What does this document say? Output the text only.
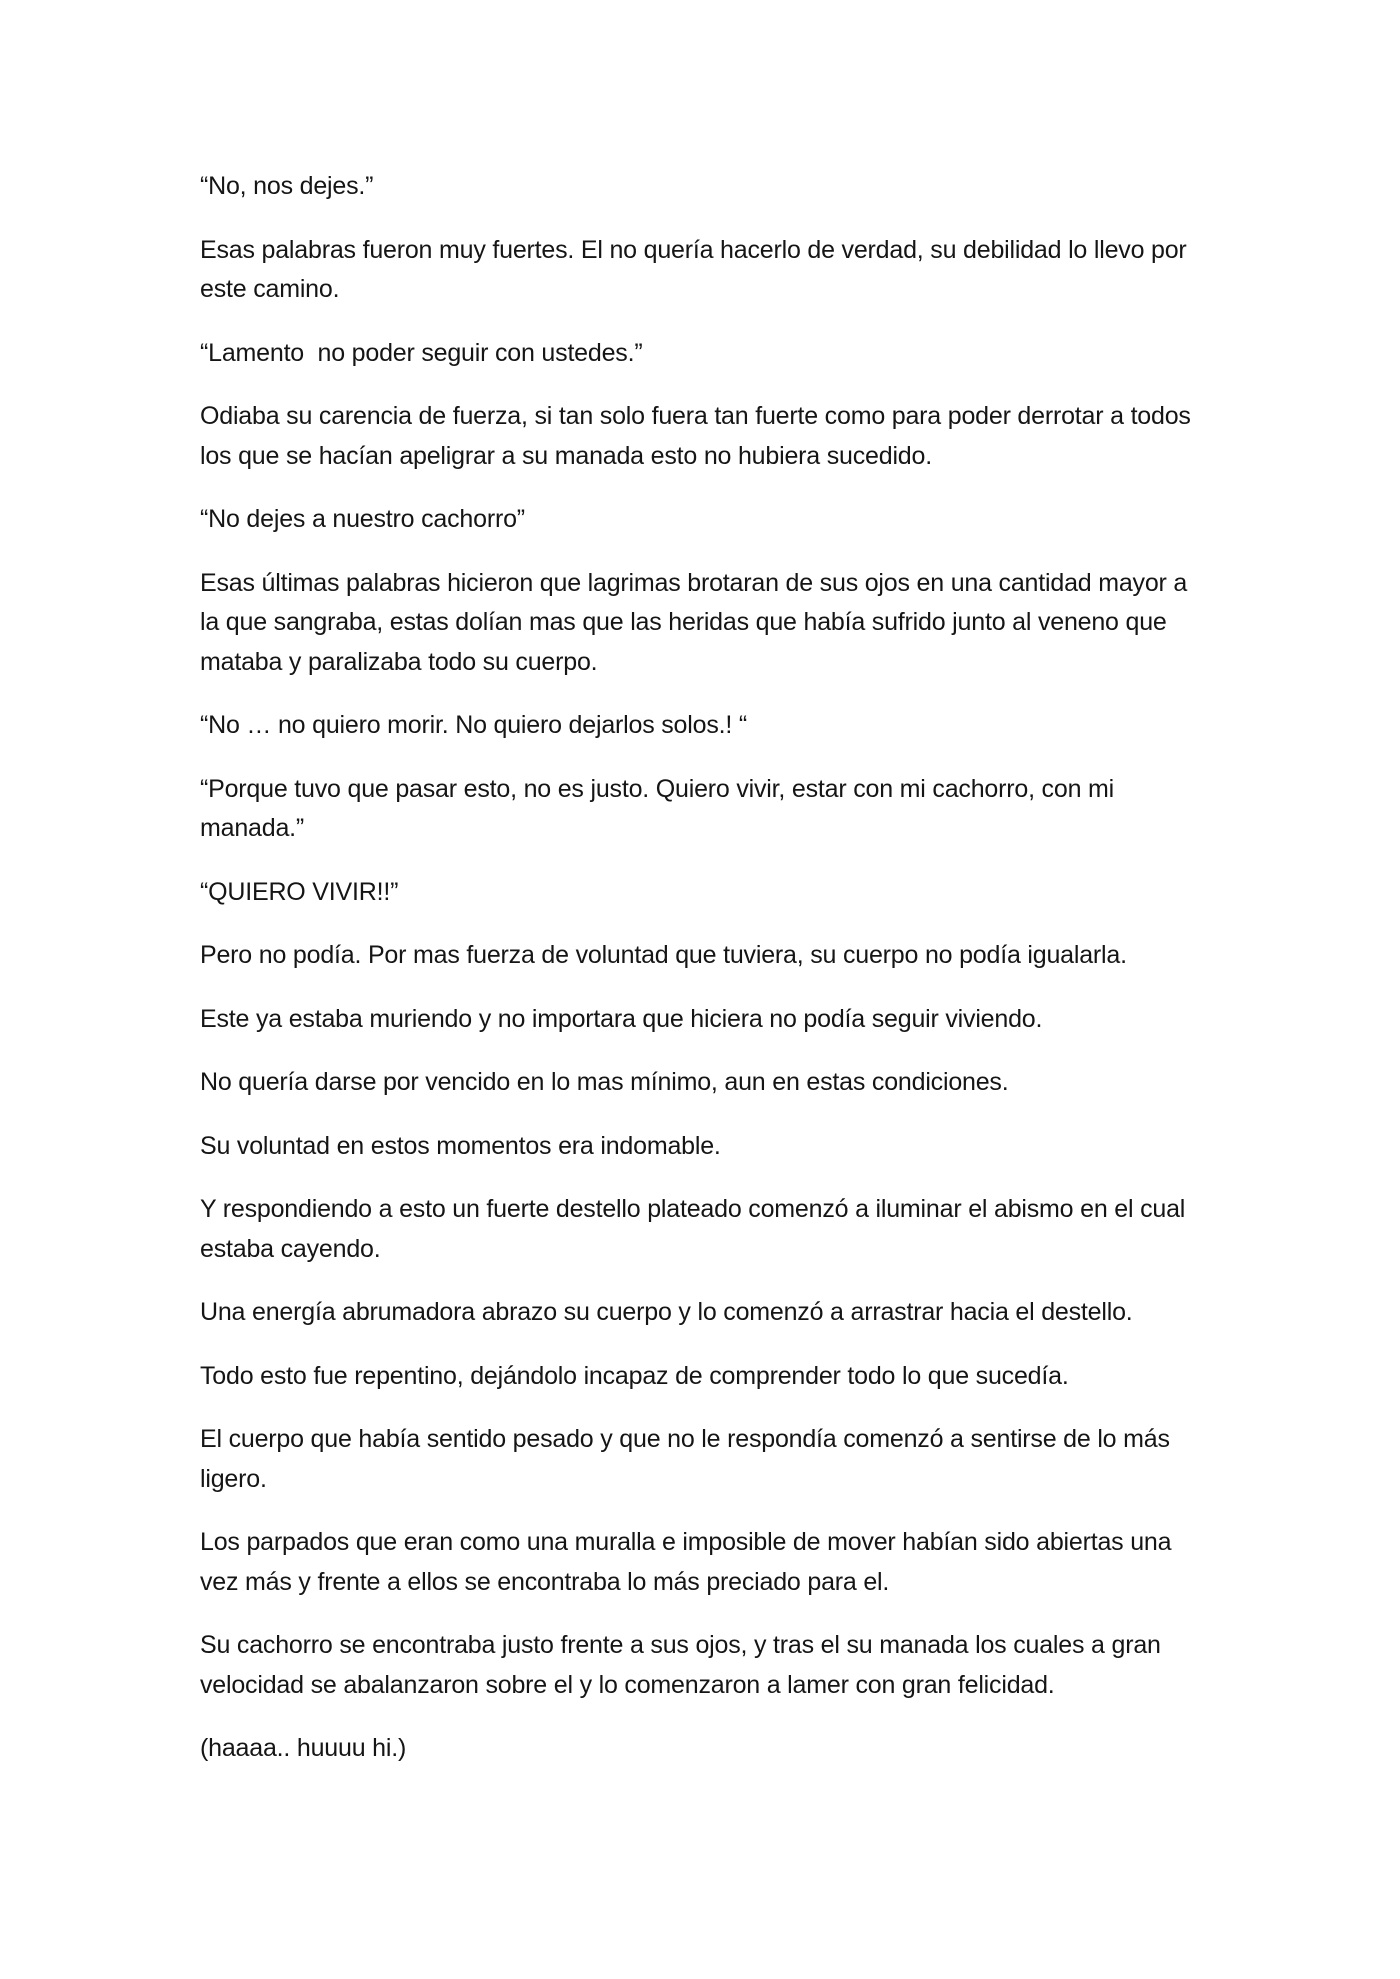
“No, nos dejes.”

Esas palabras fueron muy fuertes. El no quería hacerlo de verdad, su debilidad lo llevo por este camino.

“Lamento  no poder seguir con ustedes.”

Odiaba su carencia de fuerza, si tan solo fuera tan fuerte como para poder derrotar a todos los que se hacían apeligrar a su manada esto no hubiera sucedido.

“No dejes a nuestro cachorro”

Esas últimas palabras hicieron que lagrimas brotaran de sus ojos en una cantidad mayor a la que sangraba, estas dolían mas que las heridas que había sufrido junto al veneno que mataba y paralizaba todo su cuerpo.

“No … no quiero morir. No quiero dejarlos solos.! “

“Porque tuvo que pasar esto, no es justo. Quiero vivir, estar con mi cachorro, con mi manada.”

“QUIERO VIVIR!!”

Pero no podía. Por mas fuerza de voluntad que tuviera, su cuerpo no podía igualarla.

Este ya estaba muriendo y no importara que hiciera no podía seguir viviendo.

No quería darse por vencido en lo mas mínimo, aun en estas condiciones.

Su voluntad en estos momentos era indomable.

Y respondiendo a esto un fuerte destello plateado comenzó a iluminar el abismo en el cual estaba cayendo.

Una energía abrumadora abrazo su cuerpo y lo comenzó a arrastrar hacia el destello.

Todo esto fue repentino, dejándolo incapaz de comprender todo lo que sucedía.

El cuerpo que había sentido pesado y que no le respondía comenzó a sentirse de lo más ligero.

Los parpados que eran como una muralla e imposible de mover habían sido abiertas una vez más y frente a ellos se encontraba lo más preciado para el.

Su cachorro se encontraba justo frente a sus ojos, y tras el su manada los cuales a gran velocidad se abalanzaron sobre el y lo comenzaron a lamer con gran felicidad.

(haaaa.. huuuu hi.)
